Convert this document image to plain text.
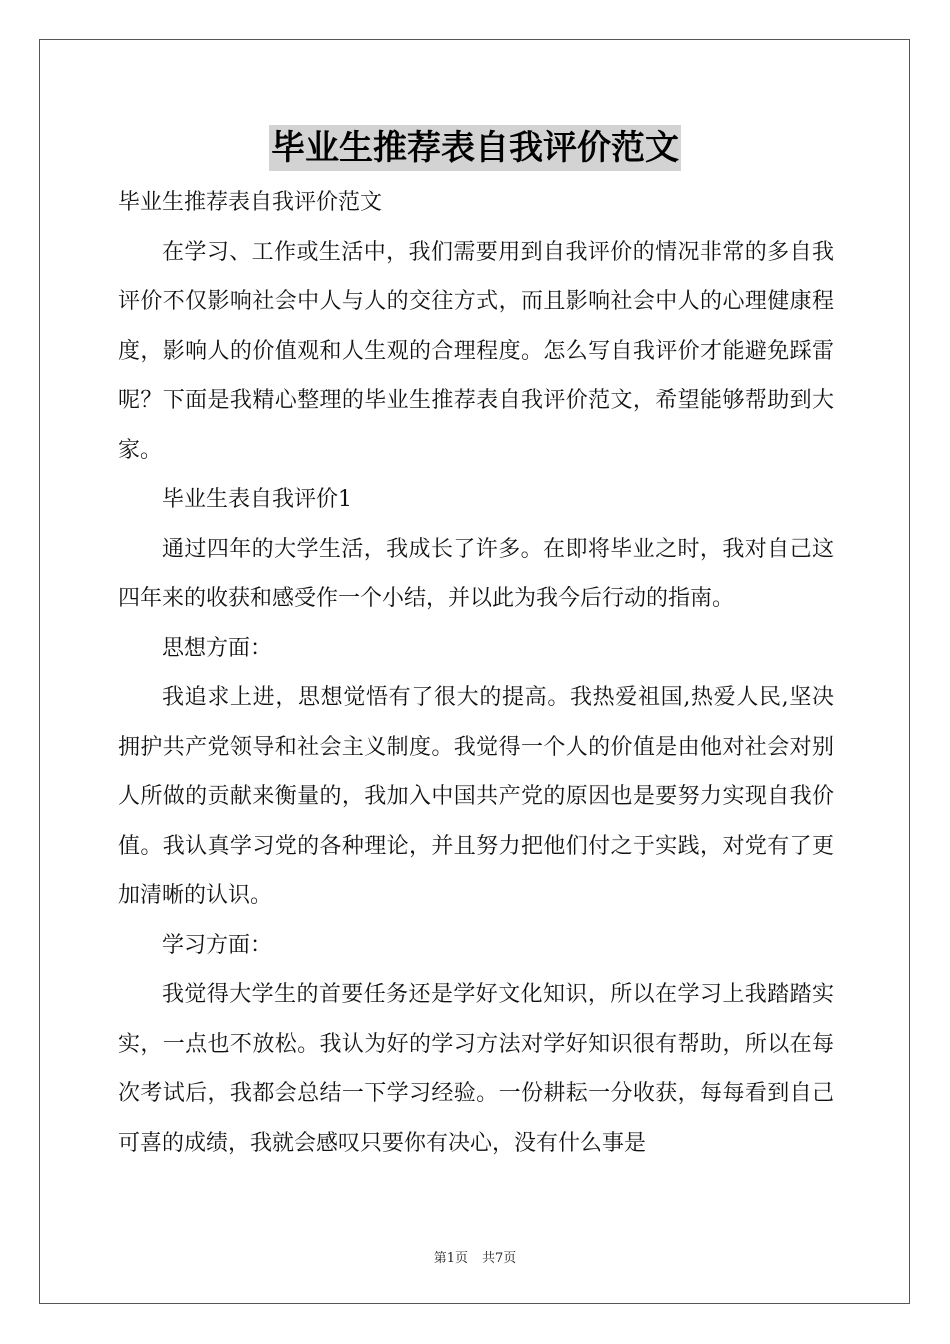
毕业生推荐表自我评价范文

毕业生推荐表自我评价范文

在学习、工作或生活中，我们需要用到自我评价的情况非常的多自我评价不仅影响社会中人与人的交往方式，而且影响社会中人的心理健康程度，影响人的价值观和人生观的合理程度。怎么写自我评价才能避免踩雷呢？下面是我精心整理的毕业生推荐表自我评价范文，希望能够帮助到大家。

毕业生表自我评价1

通过四年的大学生活，我成长了许多。在即将毕业之时，我对自己这四年来的收获和感受作一个小结，并以此为我今后行动的指南。

思想方面：

我追求上进，思想觉悟有了很大的提高。我热爱祖国,热爱人民,坚决拥护共产党领导和社会主义制度。我觉得一个人的价值是由他对社会对别人所做的贡献来衡量的，我加入中国共产党的原因也是要努力实现自我价值。我认真学习党的各种理论，并且努力把他们付之于实践，对党有了更加清晰的认识。

学习方面：

我觉得大学生的首要任务还是学好文化知识，所以在学习上我踏踏实实，一点也不放松。我认为好的学习方法对学好知识很有帮助，所以在每次考试后，我都会总结一下学习经验。一份耕耘一分收获，每每看到自己可喜的成绩，我就会感叹只要你有决心，没有什么事是

第1页 共7页
